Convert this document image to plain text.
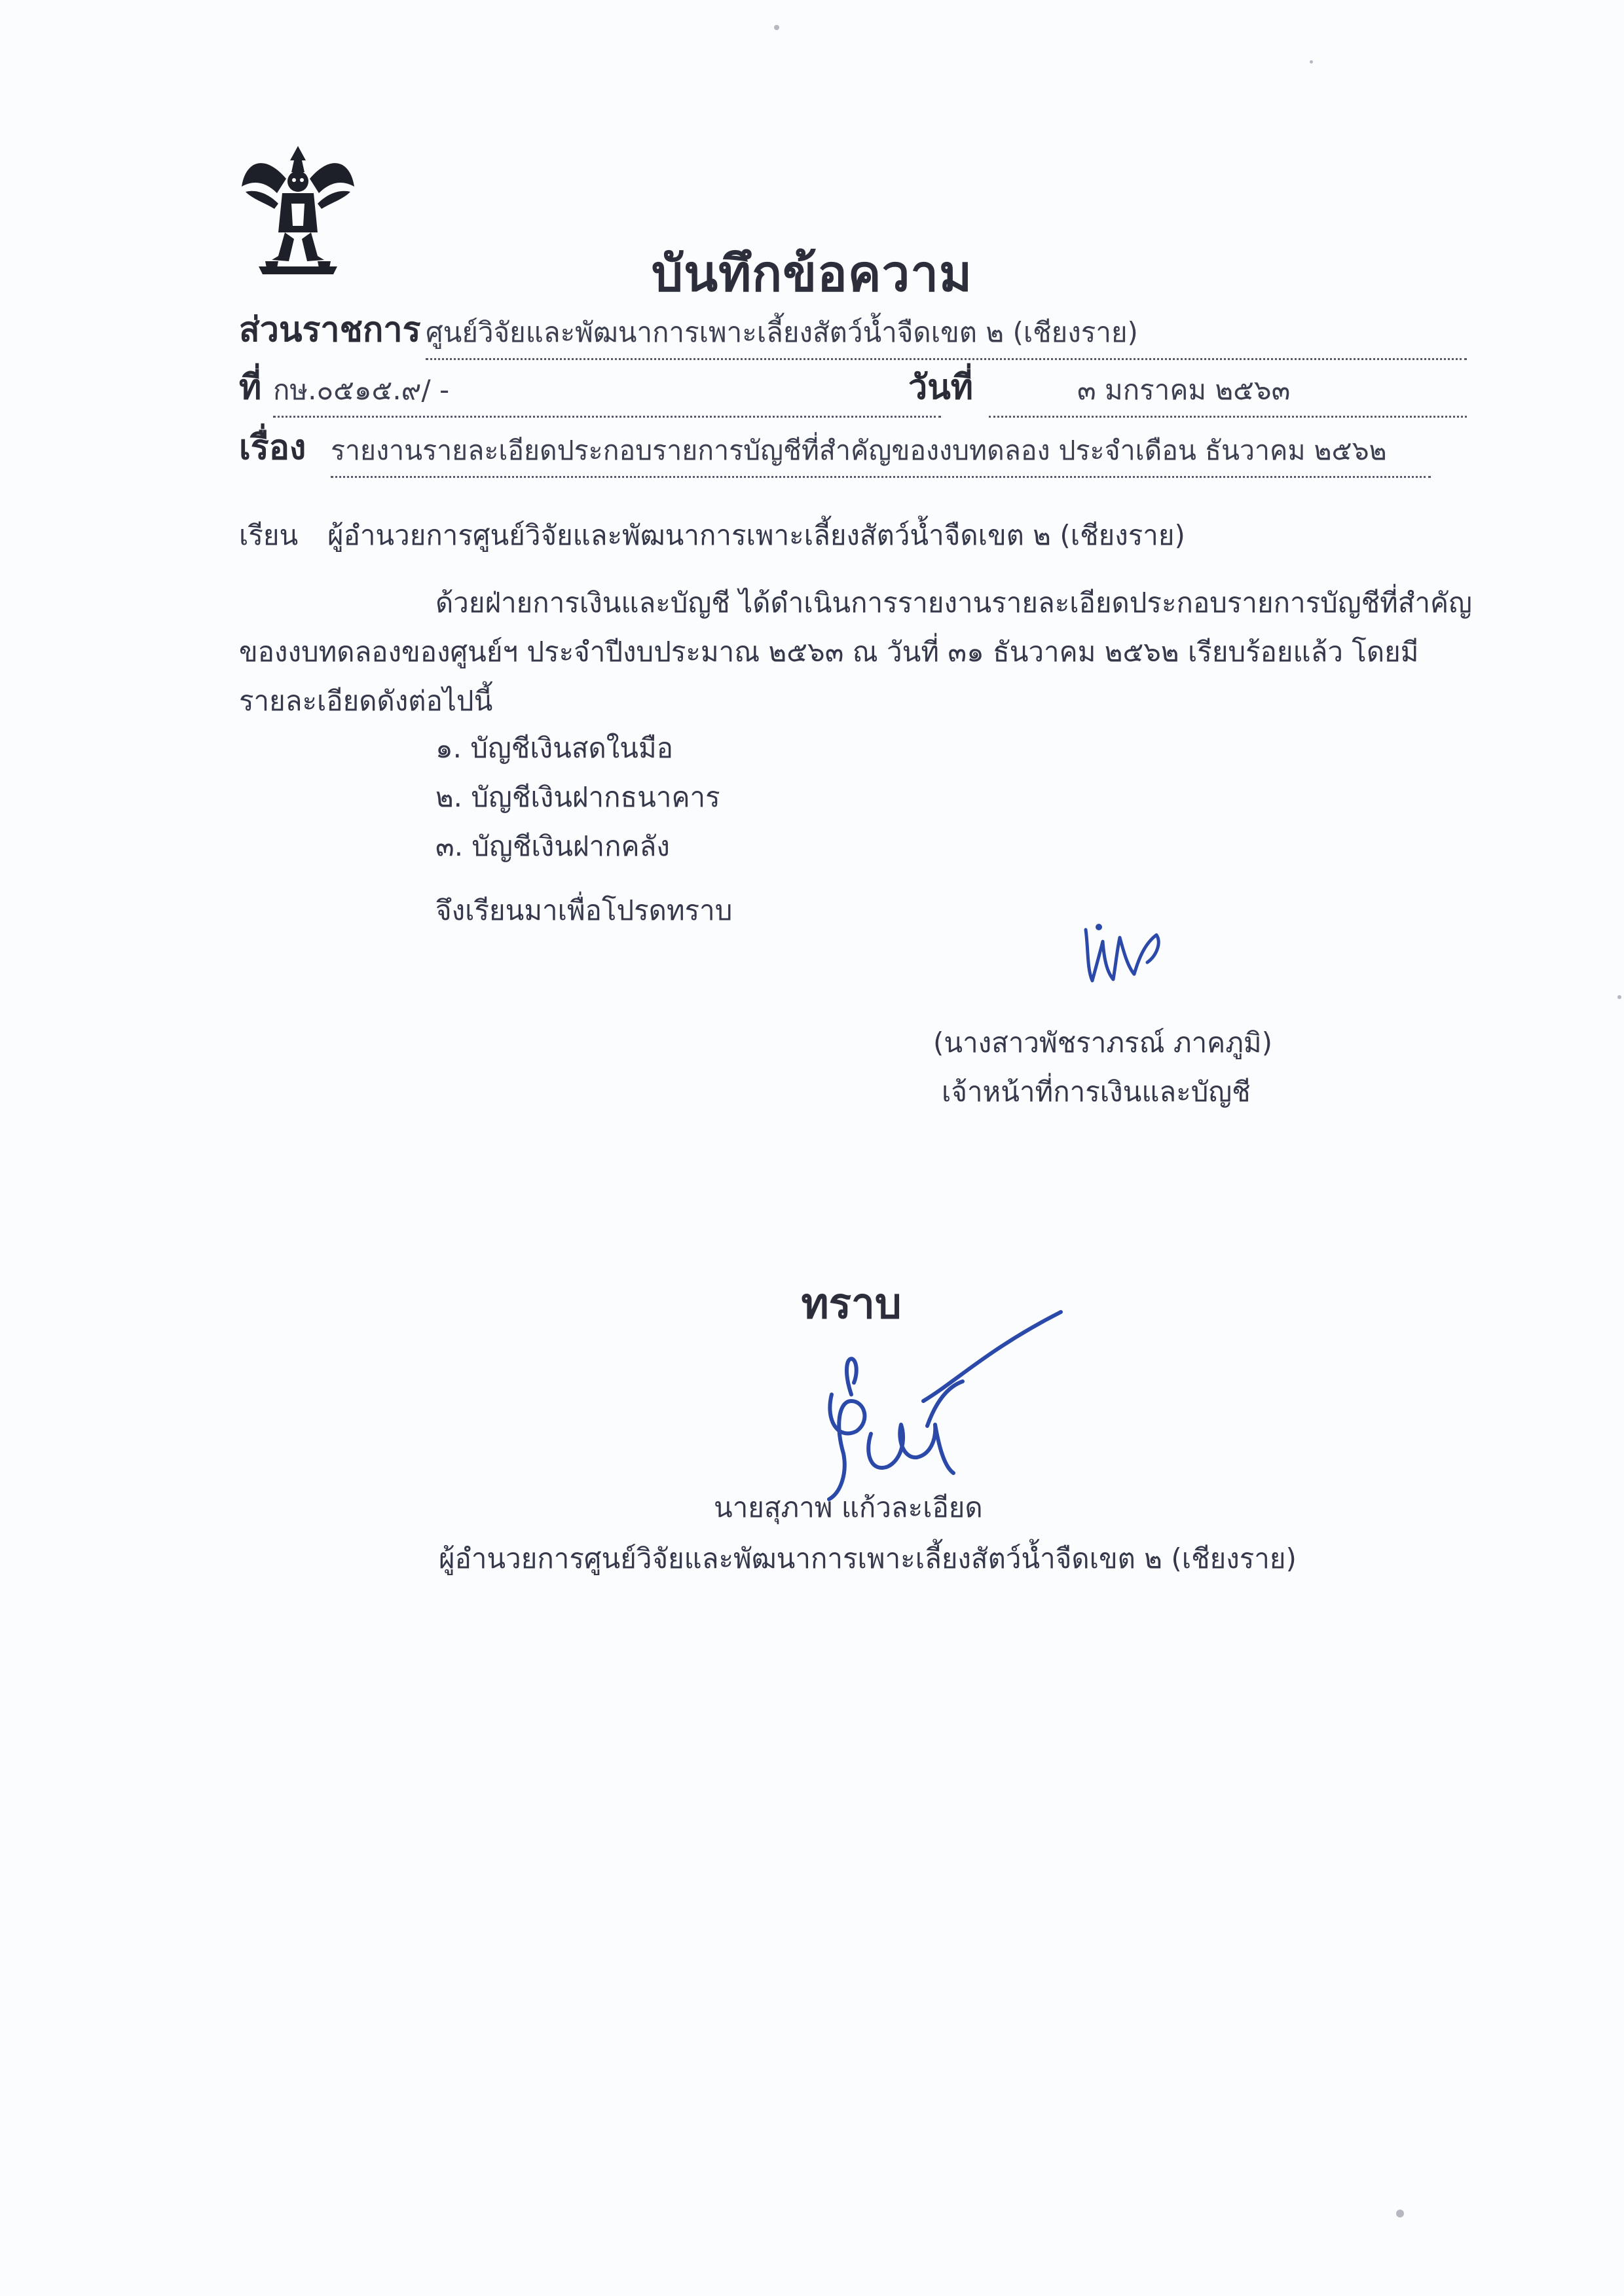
บันทึกข้อความ
ส่วนราชการ ศูนย์วิจัยและพัฒนาการเพาะเลี้ยงสัตว์น้ำจืดเขต ๒ (เชียงราย)
ที่ กษ.๐๕๑๕.๙/ -	วันที่	๓ มกราคม ๒๕๖๓
เรื่อง รายงานรายละเอียดประกอบรายการบัญชีที่สำคัญของงบทดลอง ประจำเดือน ธันวาคม ๒๕๖๒
เรียน ผู้อำนวยการศูนย์วิจัยและพัฒนาการเพาะเลี้ยงสัตว์น้ำจืดเขต ๒ (เชียงราย)
ด้วยฝ่ายการเงินและบัญชี ได้ดำเนินการรายงานรายละเอียดประกอบรายการบัญชีที่สำคัญ
ของงบทดลองของศูนย์ฯ ประจำปีงบประมาณ ๒๕๖๓ ณ วันที่ ๓๑ ธันวาคม ๒๕๖๒ เรียบร้อยแล้ว โดยมี
รายละเอียดดังต่อไปนี้
๑. บัญชีเงินสดในมือ
๒. บัญชีเงินฝากธนาคาร
๓. บัญชีเงินฝากคลัง
จึงเรียนมาเพื่อโปรดทราบ
(นางสาวพัชราภรณ์ ภาคภูมิ)
เจ้าหน้าที่การเงินและบัญชี
ทราบ
นายสุภาพ แก้วละเอียด
ผู้อำนวยการศูนย์วิจัยและพัฒนาการเพาะเลี้ยงสัตว์น้ำจืดเขต ๒ (เชียงราย)
